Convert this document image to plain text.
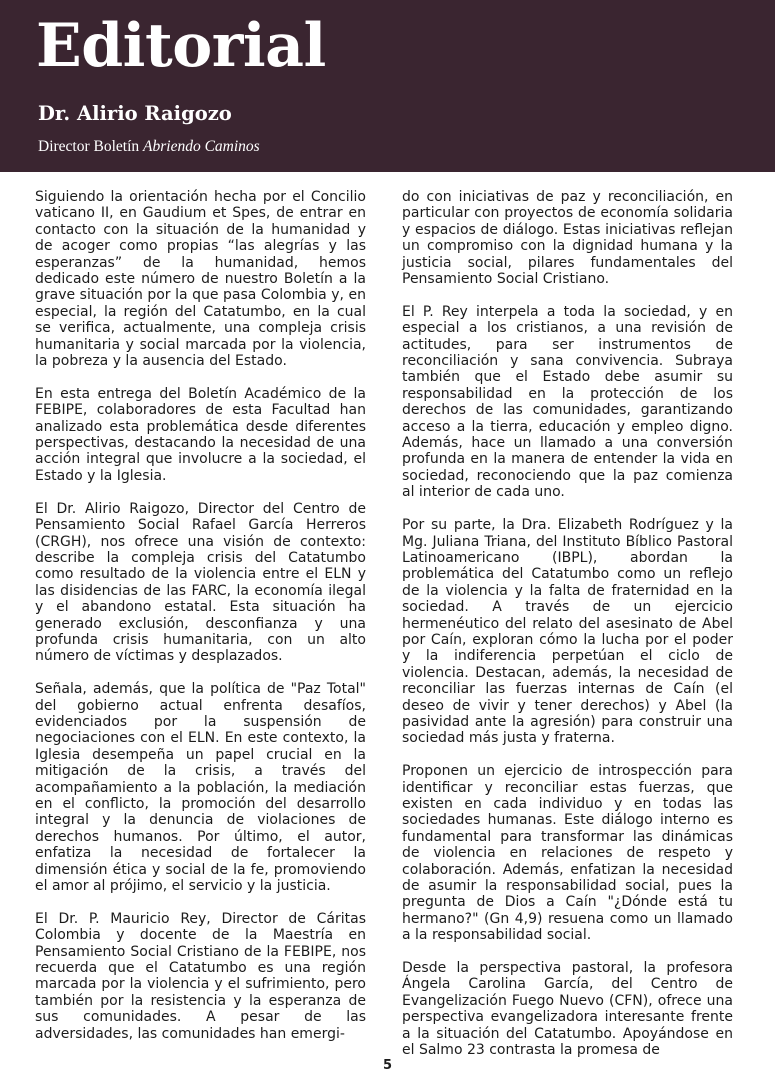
Editorial
Dr. Alirio Raigozo
Director Boletín Abriendo Caminos

Siguiendo la orientación hecha por el Concilio vaticano II, en Gaudium et Spes, de entrar en contacto con la situación de la humanidad y de acoger como propias “las alegrías y las esperanzas” de la humanidad, hemos dedicado este número de nuestro Boletín a la grave situación por la que pasa Colombia y, en especial, la región del Catatumbo, en la cual se verifica, actualmente, una compleja crisis humanitaria y social marcada por la violencia, la pobreza y la ausencia del Estado.

En esta entrega del Boletín Académico de la FEBIPE, colaboradores de esta Facultad han analizado esta problemática desde diferentes perspectivas, destacando la necesidad de una acción integral que involucre a la sociedad, el Estado y la Iglesia.

El Dr. Alirio Raigozo, Director del Centro de Pensamiento Social Rafael García Herreros (CRGH), nos ofrece una visión de contexto: describe la compleja crisis del Catatumbo como resultado de la violencia entre el ELN y las disidencias de las FARC, la economía ilegal y el abandono estatal. Esta situación ha generado exclusión, desconfianza y una profunda crisis humanitaria, con un alto número de víctimas y desplazados.

Señala, además, que la política de "Paz Total" del gobierno actual enfrenta desafíos, evidenciados por la suspensión de negociaciones con el ELN. En este contexto, la Iglesia desempeña un papel crucial en la mitigación de la crisis, a través del acompañamiento a la población, la mediación en el conflicto, la promoción del desarrollo integral y la denuncia de violaciones de derechos humanos. Por último, el autor, enfatiza la necesidad de fortalecer la dimensión ética y social de la fe, promoviendo el amor al prójimo, el servicio y la justicia.

El Dr. P. Mauricio Rey, Director de Cáritas Colombia y docente de la Maestría en Pensamiento Social Cristiano de la FEBIPE, nos recuerda que el Catatumbo es una región marcada por la violencia y el sufrimiento, pero también por la resistencia y la esperanza de sus comunidades. A pesar de las adversidades, las comunidades han emergi-

do con iniciativas de paz y reconciliación, en particular con proyectos de economía solidaria y espacios de diálogo. Estas iniciativas reflejan un compromiso con la dignidad humana y la justicia social, pilares fundamentales del Pensamiento Social Cristiano.

El P. Rey interpela a toda la sociedad, y en especial a los cristianos, a una revisión de actitudes, para ser instrumentos de reconciliación y sana convivencia. Subraya también que el Estado debe asumir su responsabilidad en la protección de los derechos de las comunidades, garantizando acceso a la tierra, educación y empleo digno. Además, hace un llamado a una conversión profunda en la manera de entender la vida en sociedad, reconociendo que la paz comienza al interior de cada uno.

Por su parte, la Dra. Elizabeth Rodríguez y la Mg. Juliana Triana, del Instituto Bíblico Pastoral Latinoamericano (IBPL), abordan la problemática del Catatumbo como un reflejo de la violencia y la falta de fraternidad en la sociedad. A través de un ejercicio hermenéutico del relato del asesinato de Abel por Caín, exploran cómo la lucha por el poder y la indiferencia perpetúan el ciclo de violencia. Destacan, además, la necesidad de reconciliar las fuerzas internas de Caín (el deseo de vivir y tener derechos) y Abel (la pasividad ante la agresión) para construir una sociedad más justa y fraterna.

Proponen un ejercicio de introspección para identificar y reconciliar estas fuerzas, que existen en cada individuo y en todas las sociedades humanas. Este diálogo interno es fundamental para transformar las dinámicas de violencia en relaciones de respeto y colaboración. Además, enfatizan la necesidad de asumir la responsabilidad social, pues la pregunta de Dios a Caín "¿Dónde está tu hermano?" (Gn 4,9) resuena como un llamado a la responsabilidad social.

Desde la perspectiva pastoral, la profesora Ángela Carolina García, del Centro de Evangelización Fuego Nuevo (CFN), ofrece una perspectiva evangelizadora interesante frente a la situación del Catatumbo. Apoyándose en el Salmo 23 contrasta la promesa de

5
